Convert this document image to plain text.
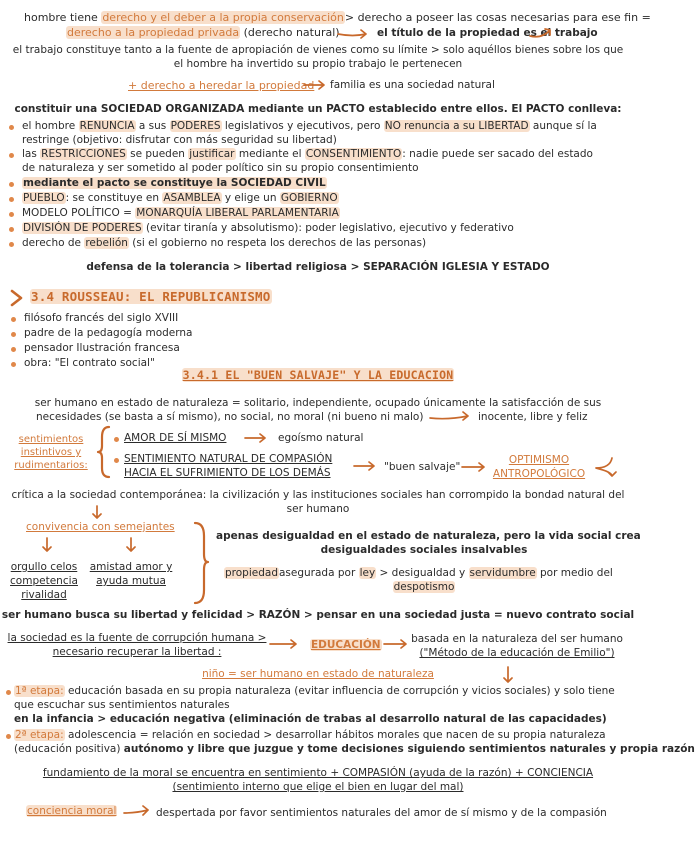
hombre tiene derecho y el deber a la propia conservación> derecho a poseer las cosas necesarias para ese fin =
derecho a la propiedad privada (derecho natural)	el título de la propiedad es el trabajo
el trabajo constituye tanto a la fuente de apropiación de vienes como su límite > solo aquéllos bienes sobre los que
el hombre ha invertido su propio trabajo le pertenecen
+ derecho a heredar la propiedad familia es una sociedad natural
constituir una SOCIEDAD ORGANIZADA mediante un PACTO establecido entre ellos. El PACTO conlleva:
el hombre RENUNCIA a sus PODERES legislativos y ejecutivos, pero NO renuncia a su LIBERTAD aunque sí la
restringe (objetivo: disfrutar con más seguridad su libertad)
las RESTRICCIONES se pueden justificar mediante el CONSENTIMIENTO: nadie puede ser sacado del estado
de naturaleza y ser sometido al poder político sin su propio consentimiento
mediante el pacto se constituye la SOCIEDAD CIVIL
PUEBLO: se constituye en ASAMBLEA y elige un GOBIERNO
MODELO POLÍTICO = MONARQUÍA LIBERAL PARLAMENTARIA
DIVISIÓN DE PODERES (evitar tiranía y absolutismo): poder legislativo, ejecutivo y federativo
derecho de rebelión (si el gobierno no respeta los derechos de las personas)
defensa de la tolerancia > libertad religiosa > SEPARACIÓN IGLESIA Y ESTADO
3.4 ROUSSEAU: EL REPUBLICANISMO
filósofo francés del siglo XVIII
padre de la pedagogía moderna
pensador Ilustración francesa
obra: "El contrato social"
3.4.1 EL "BUEN SALVAJE" Y LA EDUCACION
ser humano en estado de naturaleza = solitario, independiente, ocupado únicamente la satisfacción de sus
necesidades (se basta a sí mismo), no social, no moral (ni bueno ni malo)	inocente, libre y feliz
sentimientos
instintivos y
rudimentarios:
AMOR DE SÍ MISMO	egoísmo natural
SENTIMIENTO NATURAL DE COMPASIÓN
HACIA EL SUFRIMIENTO DE LOS DEMÁS	"buen salvaje"
OPTIMISMO
ANTROPOLÓGICO
crítica a la sociedad contemporánea: la civilización y las instituciones sociales han corrompido la bondad natural del
ser humano
convivencia con semejantes
orgullo celos
competencia
rivalidad
amistad amor y
ayuda mutua
apenas desigualdad en el estado de naturaleza, pero la vida social crea
desigualdades sociales insalvables
propiedadasegurada por ley > desigualdad y servidumbre por medio del
despotismo
ser humano busca su libertad y felicidad > RAZÓN > pensar en una sociedad justa = nuevo contrato social
la sociedad es la fuente de corrupción humana >
necesario recuperar la libertad :
EDUCACIÓN	basada en la naturaleza del ser humano
("Método de la educación de Emilio")
niño = ser humano en estado de naturaleza
1ª etapa: educación basada en su propia naturaleza (evitar influencia de corrupción y vicios sociales) y solo tiene
que escuchar sus sentimientos naturales
en la infancia > educación negativa (eliminación de trabas al desarrollo natural de las capacidades)
2ª etapa: adolescencia = relación en sociedad > desarrollar hábitos morales que nacen de su propia naturaleza
(educación positiva) autónomo y libre que juzgue y tome decisiones siguiendo sentimientos naturales y propia razón
fundamiento de la moral se encuentra en sentimiento + COMPASIÓN (ayuda de la razón) + CONCIENCIA
(sentimiento interno que elige el bien en lugar del mal)
conciencia moral	despertada por favor sentimientos naturales del amor de sí mismo y de la compasión
